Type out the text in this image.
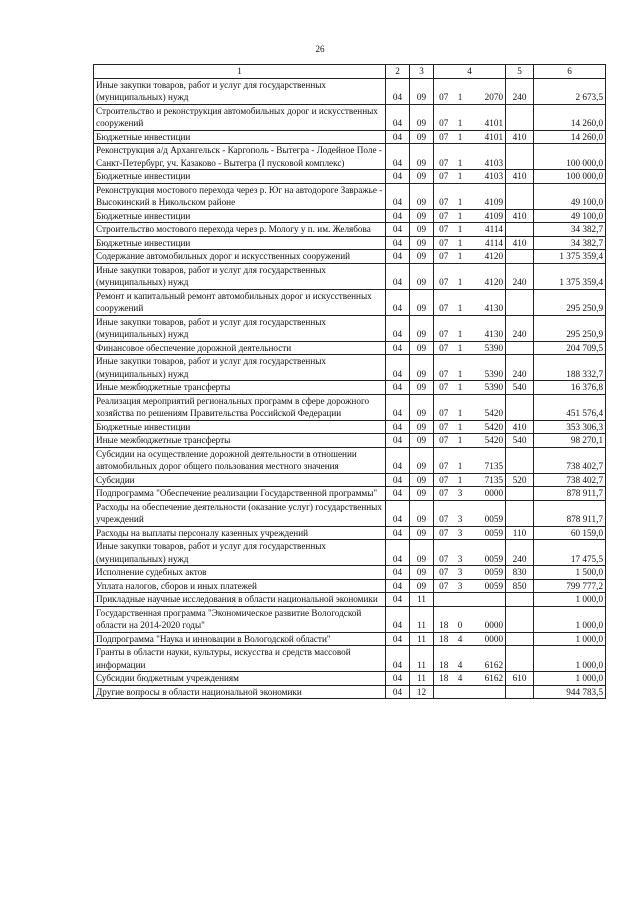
26
1	2	3	4			5	6
Иные закупки товаров, работ и услуг для государственных (муниципальных) нужд	04	09	07	1	2070	240	2 673,5
Строительство и реконструкция автомобильных дорог и искусственных сооружений	04	09	07	1	4101		14 260,0
Бюджетные инвестиции	04	09	07	1	4101	410	14 260,0
Реконструкция а/д Архангельск - Каргополь - Вытегра - Лодейное Поле - Санкт-Петербург, уч. Казаково - Вытегра (I пусковой комплекс)	04	09	07	1	4103		100 000,0
Бюджетные инвестиции	04	09	07	1	4103	410	100 000,0
Реконструкция мостового перехода через р. Юг на автодороге Завражье - Высокинский в Никольском районе	04	09	07	1	4109		49 100,0
Бюджетные инвестиции	04	09	07	1	4109	410	49 100,0
Строительство мостового перехода через р. Мологу у п. им. Желябова	04	09	07	1	4114		34 382,7
Бюджетные инвестиции	04	09	07	1	4114	410	34 382,7
Содержание автомобильных дорог и искусственных сооружений	04	09	07	1	4120		1 375 359,4
Иные закупки товаров, работ и услуг для государственных (муниципальных) нужд	04	09	07	1	4120	240	1 375 359,4
Ремонт и капитальный ремонт автомобильных дорог и искусственных сооружений	04	09	07	1	4130		295 250,9
Иные закупки товаров, работ и услуг для государственных (муниципальных) нужд	04	09	07	1	4130	240	295 250,9
Финансовое обеспечение дорожной деятельности	04	09	07	1	5390		204 709,5
Иные закупки товаров, работ и услуг для государственных (муниципальных) нужд	04	09	07	1	5390	240	188 332,7
Иные межбюджетные трансферты	04	09	07	1	5390	540	16 376,8
Реализация мероприятий региональных программ в сфере дорожного хозяйства по решениям Правительства Российской Федерации	04	09	07	1	5420		451 576,4
Бюджетные инвестиции	04	09	07	1	5420	410	353 306,3
Иные межбюджетные трансферты	04	09	07	1	5420	540	98 270,1
Субсидии на осуществление дорожной деятельности в отношении автомобильных дорог общего пользования местного значения	04	09	07	1	7135		738 402,7
Субсидии	04	09	07	1	7135	520	738 402,7
Подпрограмма "Обеспечение реализации Государственной программы"	04	09	07	3	0000		878 911,7
Расходы на обеспечение деятельности (оказание услуг) государственных учреждений	04	09	07	3	0059		878 911,7
Расходы на выплаты персоналу казенных учреждений	04	09	07	3	0059	110	60 159,0
Иные закупки товаров, работ и услуг для государственных (муниципальных) нужд	04	09	07	3	0059	240	17 475,5
Исполнение судебных актов	04	09	07	3	0059	830	1 500,0
Уплата налогов, сборов и иных платежей	04	09	07	3	0059	850	799 777,2
Прикладные научные исследования в области национальной экономики	04	11					1 000,0
Государственная программа "Экономическое развитие Вологодской области на 2014-2020 годы"	04	11	18	0	0000		1 000,0
Подпрограмма "Наука и инновации в Вологодской области"	04	11	18	4	0000		1 000,0
Гранты в области науки, культуры, искусства и средств массовой информации	04	11	18	4	6162		1 000,0
Субсидии бюджетным учреждениям	04	11	18	4	6162	610	1 000,0
Другие вопросы в области национальной экономики	04	12					944 783,5
